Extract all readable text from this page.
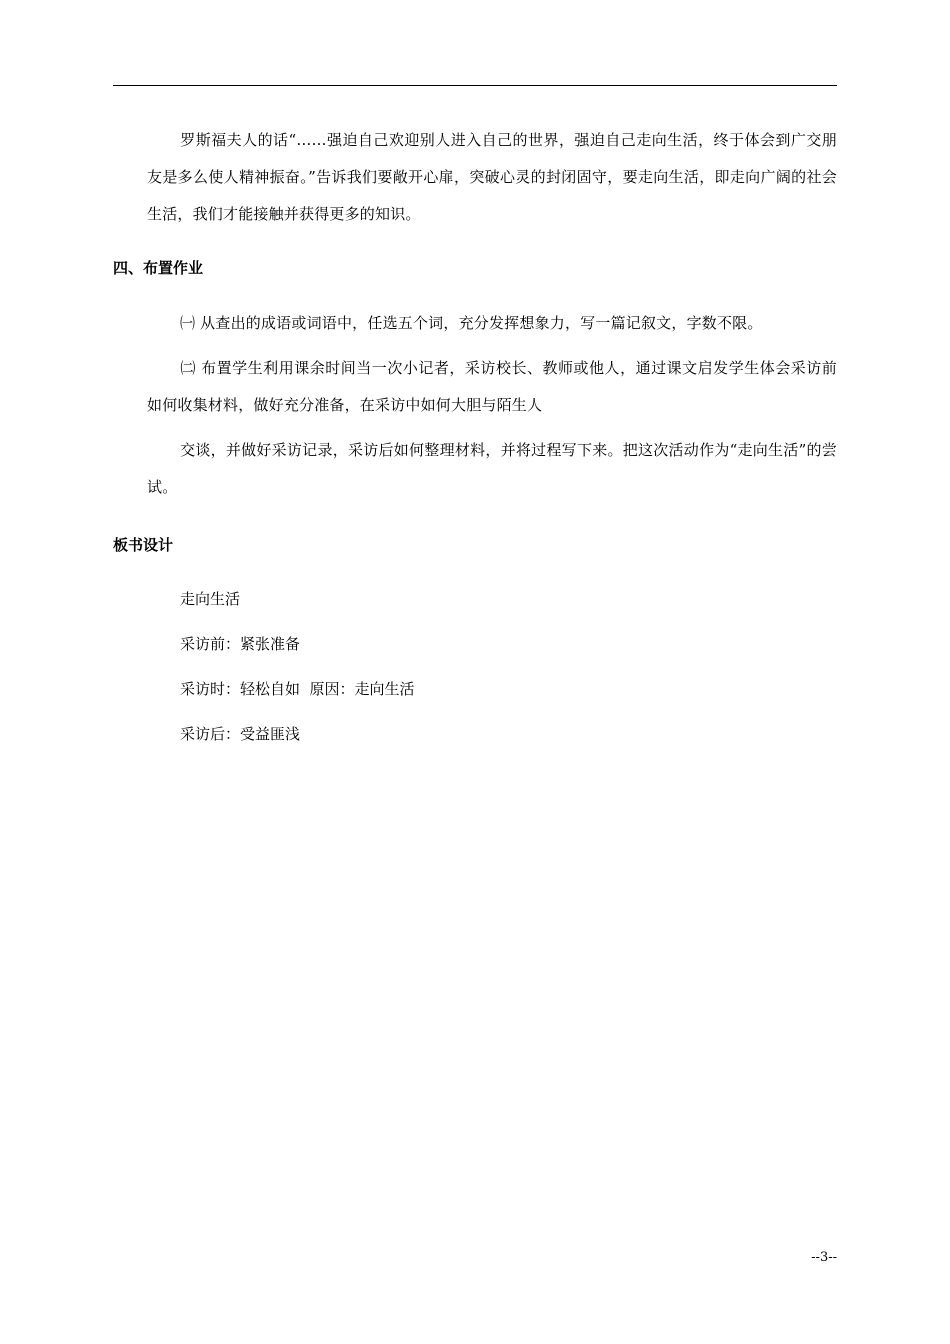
罗斯福夫人的话“……强迫自己欢迎别人进入自己的世界，强迫自己走向生活，终于体会到广交朋友是多么使人精神振奋。”告诉我们要敞开心扉，突破心灵的封闭固守，要走向生活，即走向广阔的社会生活，我们才能接触并获得更多的知识。

四、布置作业

㈠ 从查出的成语或词语中，任选五个词，充分发挥想象力，写一篇记叙文，字数不限。

㈡ 布置学生利用课余时间当一次小记者，采访校长、教师或他人，通过课文启发学生体会采访前如何收集材料，做好充分准备，在采访中如何大胆与陌生人

交谈，并做好采访记录，采访后如何整理材料，并将过程写下来。把这次活动作为“走向生活”的尝试。

板书设计

走向生活

采访前：紧张准备

采访时：轻松自如  原因：走向生活

采访后：受益匪浅

--3--
